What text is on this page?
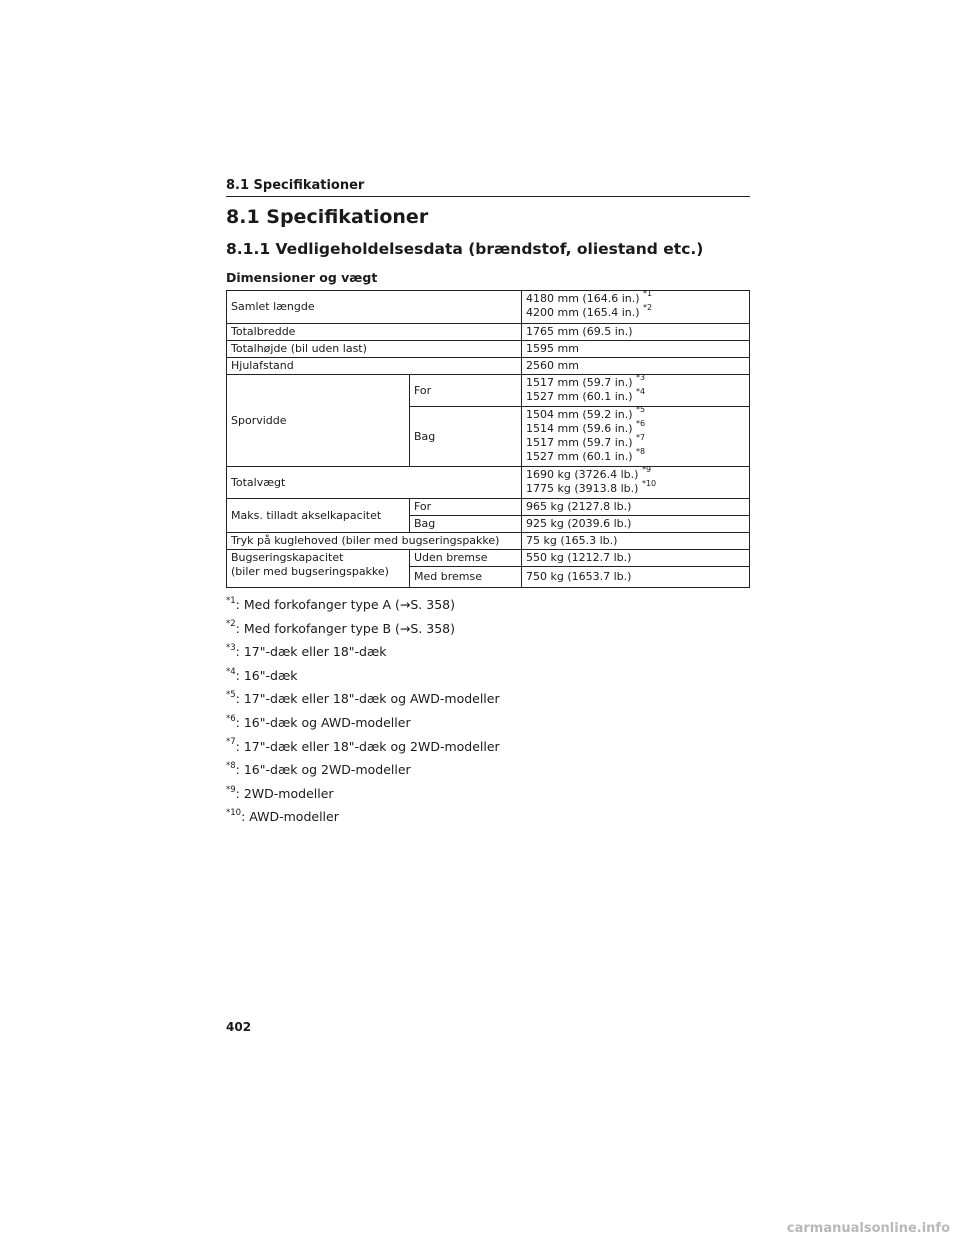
8.1 Specifikationer
8.1 Specifikationer
8.1.1 Vedligeholdelsesdata (brændstof, oliestand etc.)
Dimensioner og vægt
Samlet længde		4180 mm (164.6 in.) $^{*1}$
4200 mm (165.4 in.) $^{*2}$

Totalbredde		1765 mm (69.5 in.)
Totalhøjde (bil uden last)		1595 mm
Hjulafstand		2560 mm
Sporvidde	For	1517 mm (59.7 in.) $^{*3}$
1527 mm (60.1 in.) $^{*4}$

	Bag	1504 mm (59.2 in.) $^{*5}$
1514 mm (59.6 in.) $^{*6}$
1517 mm (59.7 in.) $^{*7}$
1527 mm (60.1 in.) $^{*8}$

Totalvægt		1690 kg (3726.4 lb.) $^{*9}$
1775 kg (3913.8 lb.) $^{*10}$

Maks. tilladt akselkapacitet	For	965 kg (2127.8 lb.)
	Bag	925 kg (2039.6 lb.)
Tryk på kuglehoved (biler med bugseringspakke)		75 kg (165.3 lb.)

Bugseringskapacitet
(biler med bugseringspakke)	Uden bremse	550 kg (1212.7 lb.)
	Med bremse	750 kg (1653.7 lb.)
$^{*1}$: Med forkofanger type A (→S. 358)
$^{*2}$: Med forkofanger type B (→S. 358)
$^{*3}$: 17"-dæk eller 18"-dæk
$^{*4}$: 16"-dæk
$^{*5}$: 17"-dæk eller 18"-dæk og AWD-modeller
$^{*6}$: 16"-dæk og AWD-modeller
$^{*7}$: 17"-dæk eller 18"-dæk og 2WD-modeller
$^{*8}$: 16"-dæk og 2WD-modeller
$^{*9}$: 2WD-modeller
$^{*10}$: AWD-modeller
402
carmanualsonline.info
